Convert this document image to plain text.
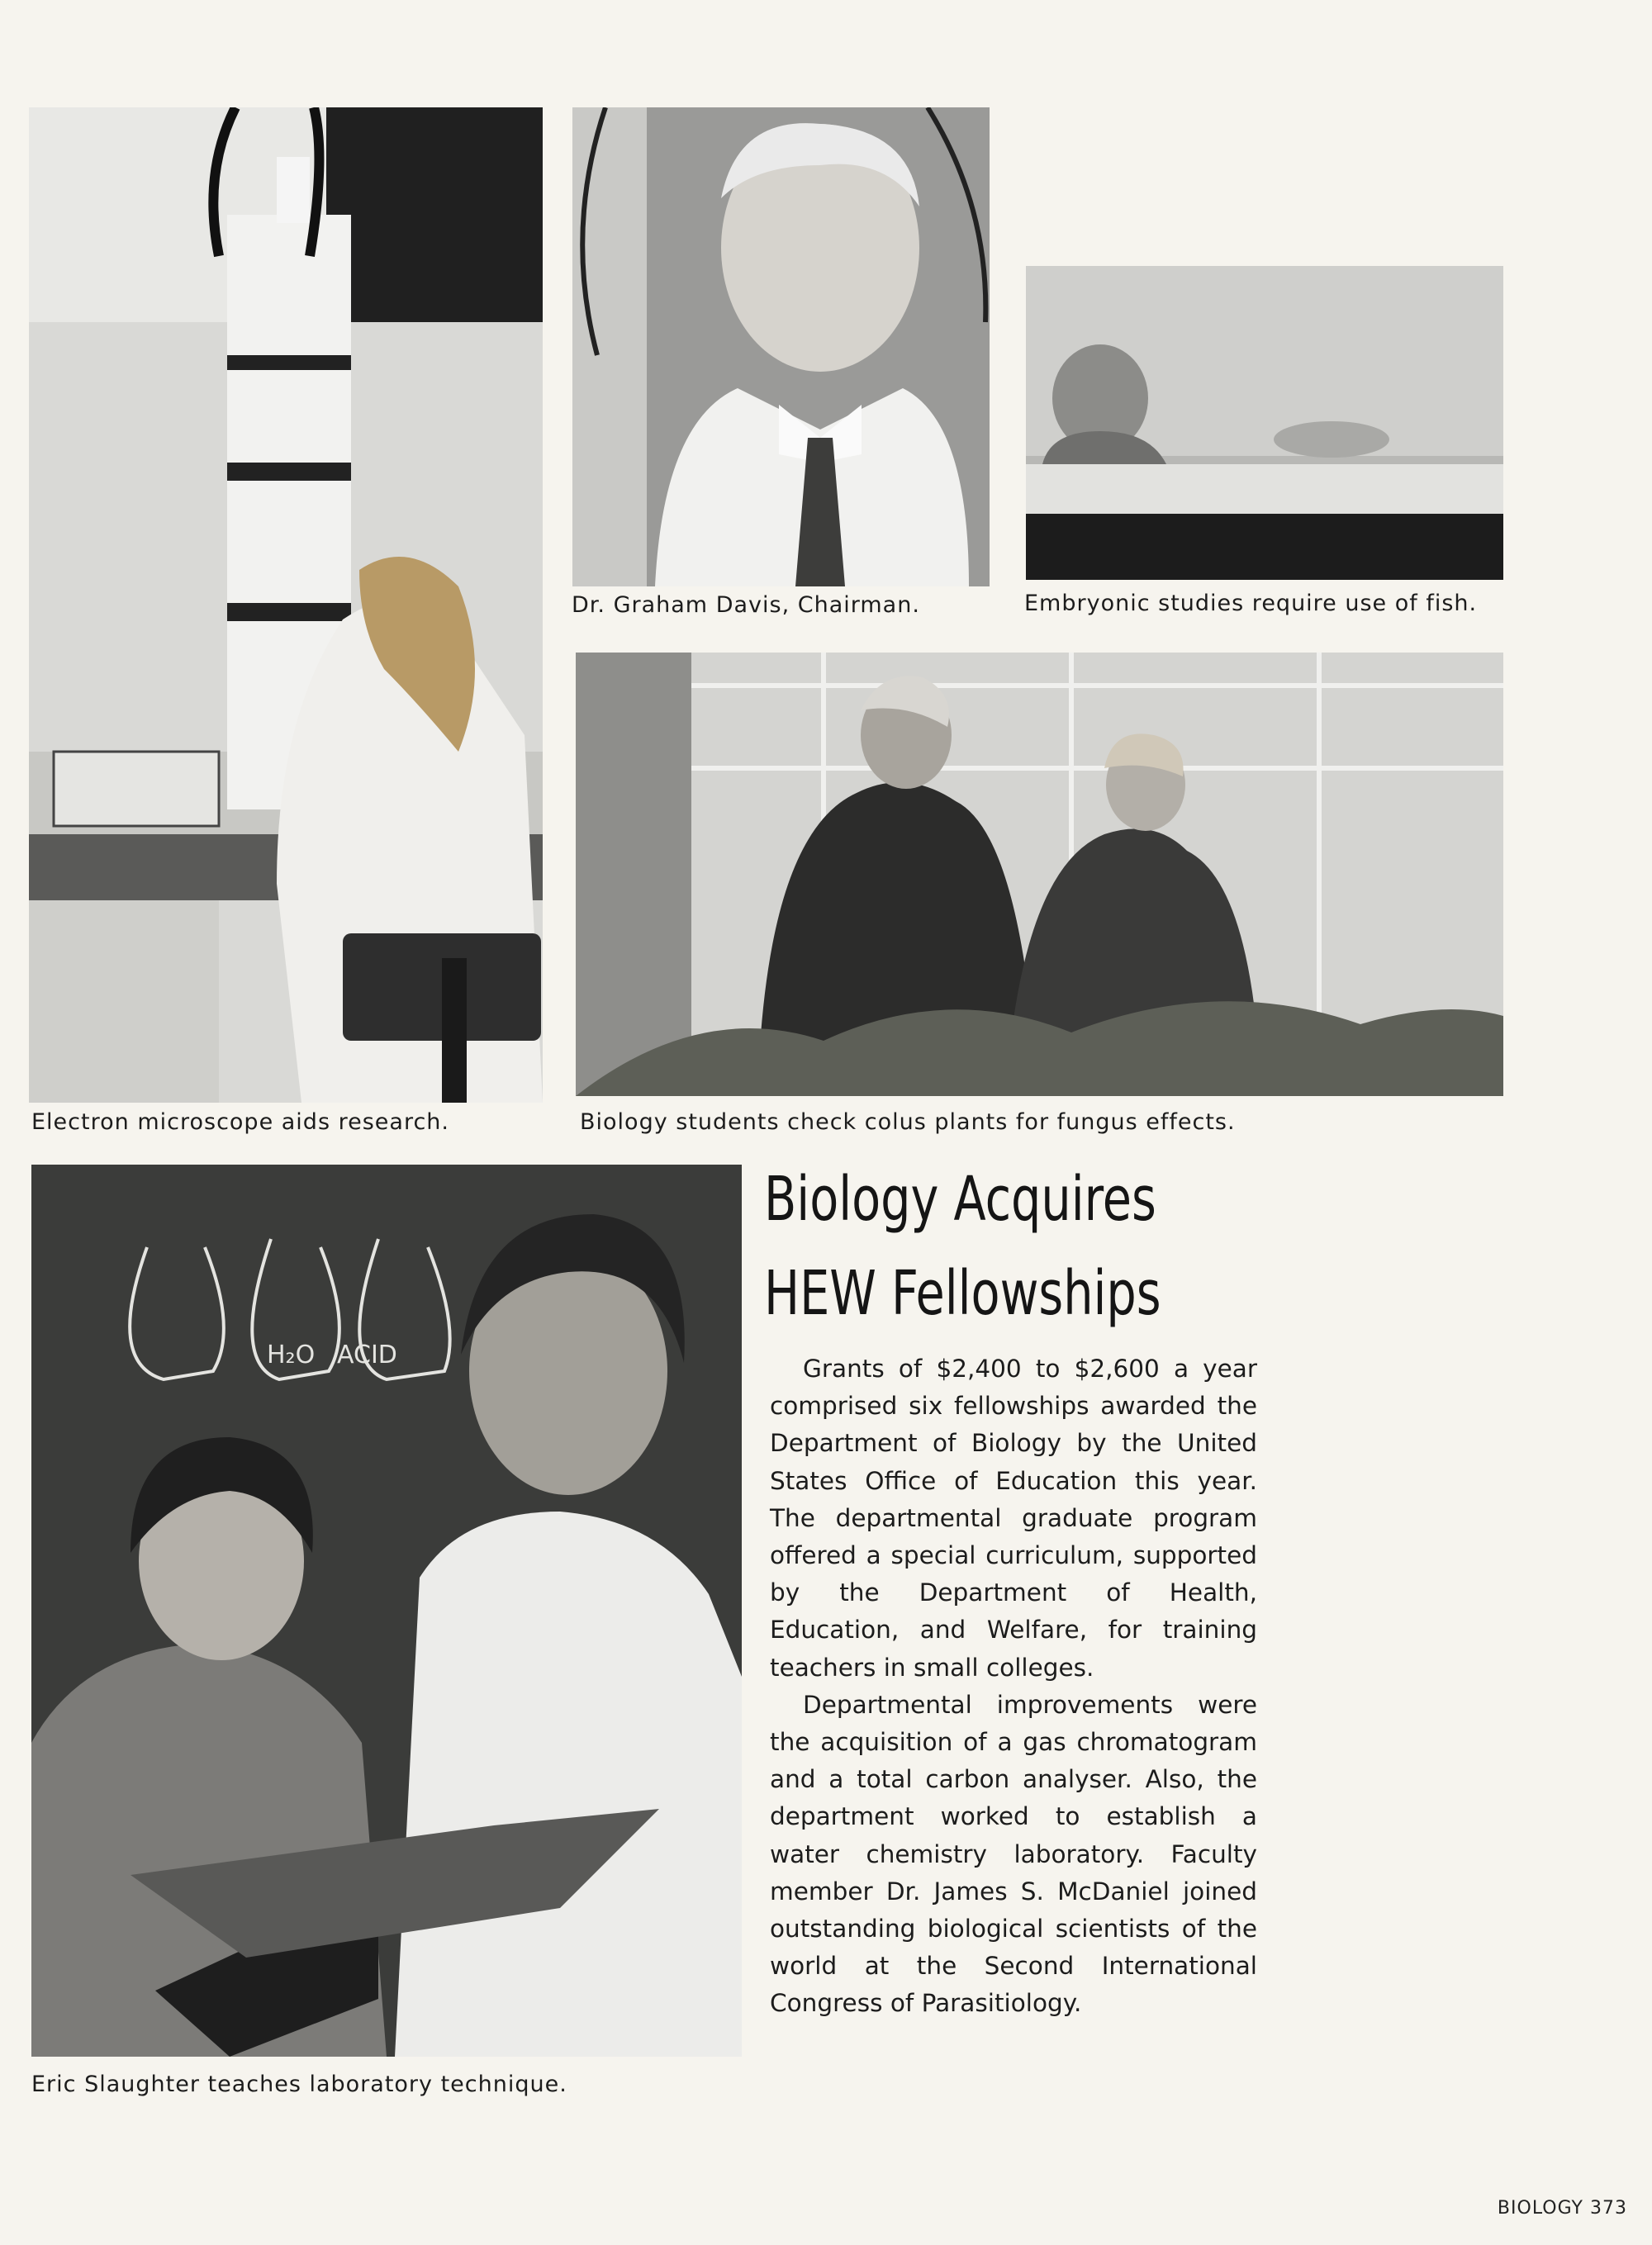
H₂O ACID
Electron microscope aids research.
Dr. Graham Davis, Chairman.	Embryonic studies require use of fish.
Biology students check colus plants for fungus effects.
Eric Slaughter teaches laboratory technique.
Biology Acquires
HEW Fellowships

Grants of $2,400 to $2,600 a year comprised six fellowships awarded the Department of Biology by the United States Office of Education this year. The departmental graduate program offered a special curriculum, supported by the Department of Health, Education, and Welfare, for training teachers in small colleges.

Departmental improvements were the acquisition of a gas chromatogram and a total carbon analyser. Also, the department worked to establish a water chemistry laboratory. Faculty member Dr. James S. McDaniel joined outstanding biological scientists of the world at the Second International Congress of Parasitiology.

BIOLOGY 373
